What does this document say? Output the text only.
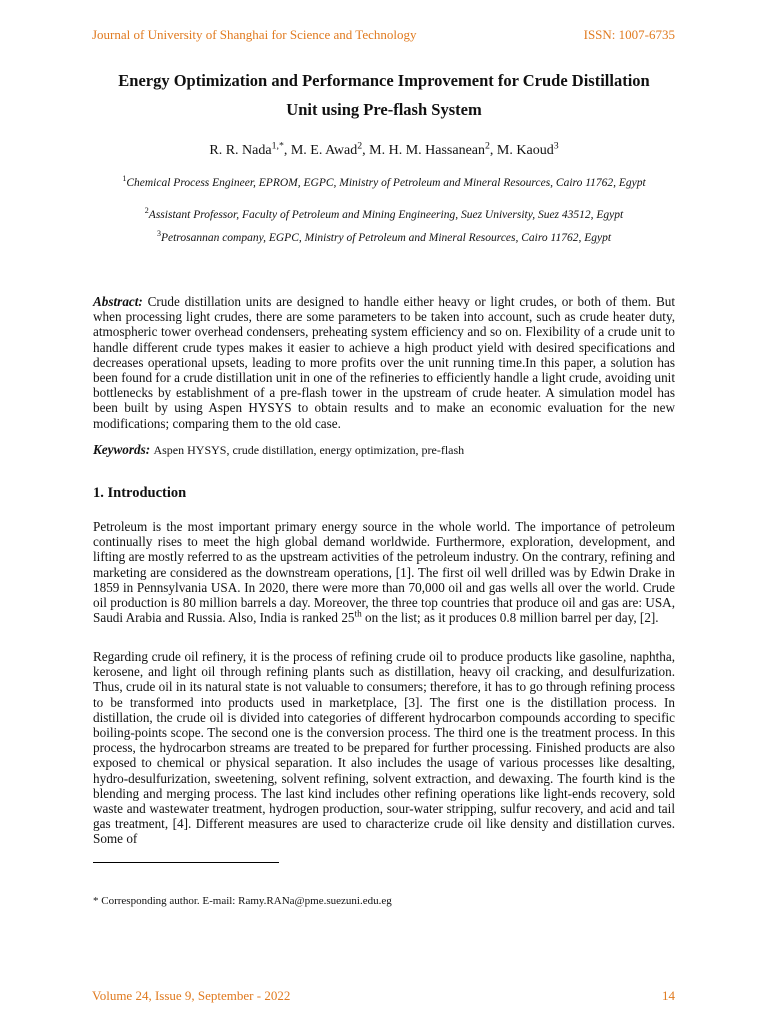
Journal of University of Shanghai for Science and Technology	ISSN: 1007-6735
Energy Optimization and Performance Improvement for Crude Distillation
Unit using Pre-flash System
R. R. Nada$^{1,*}$, M. E. Awad$^2$, M. H. M. Hassanean$^2$, M. Kaoud$^3$
$^1$Chemical Process Engineer, EPROM, EGPC, Ministry of Petroleum and Mineral Resources, Cairo 11762, Egypt
$^2$Assistant Professor, Faculty of Petroleum and Mining Engineering, Suez University, Suez 43512, Egypt
$^3$Petrosannan company, EGPC, Ministry of Petroleum and Mineral Resources, Cairo 11762, Egypt
Abstract: Crude distillation units are designed to handle either heavy or light crudes, or both of them. But when processing light crudes, there are some parameters to be taken into account, such as crude heater duty, atmospheric tower overhead condensers, preheating system efficiency and so on. Flexibility of a crude unit to handle different crude types makes it easier to achieve a high product yield with desired specifications and decreases operational upsets, leading to more profits over the unit running time.In this paper, a solution has been found for a crude distillation unit in one of the refineries to efficiently handle a light crude, avoiding unit bottlenecks by establishment of a pre-flash tower in the upstream of crude heater. A simulation model has been built by using Aspen HYSYS to obtain results and to make an economic evaluation for the new modifications; comparing them to the old case.
Keywords: Aspen HYSYS, crude distillation, energy optimization, pre-flash
1. Introduction
Petroleum is the most important primary energy source in the whole world. The importance of petroleum continually rises to meet the high global demand worldwide. Furthermore, exploration, development, and lifting are mostly referred to as the upstream activities of the petroleum industry. On the contrary, refining and marketing are considered as the downstream operations, [1]. The first oil well drilled was by Edwin Drake in 1859 in Pennsylvania USA. In 2020, there were more than 70,000 oil and gas wells all over the world. Crude oil production is 80 million barrels a day. Moreover, the three top countries that produce oil and gas are: USA, Saudi Arabia and Russia. Also, India is ranked 25th on the list; as it produces 0.8 million barrel per day, [2].
Regarding crude oil refinery, it is the process of refining crude oil to produce products like gasoline, naphtha, kerosene, and light oil through refining plants such as distillation, heavy oil cracking, and desulfurization. Thus, crude oil in its natural state is not valuable to consumers; therefore, it has to go through refining process to be transformed into products used in marketplace, [3]. The first one is the distillation process. In distillation, the crude oil is divided into categories of different hydrocarbon compounds according to specific boiling-points scope. The second one is the conversion process. The third one is the treatment process. In this process, the hydrocarbon streams are treated to be prepared for further processing. Finished products are also exposed to chemical or physical separation. It also includes the usage of various processes like desalting, hydro-desulfurization, sweetening, solvent refining, solvent extraction, and dewaxing. The fourth kind is the blending and merging process. The last kind includes other refining operations like light-ends recovery, sold waste and wastewater treatment, hydrogen production, sour-water stripping, sulfur recovery, and acid and tail gas treatment, [4]. Different measures are used to characterize crude oil like density and distillation curves. Some of
* Corresponding author. E-mail: Ramy.RANa@pme.suezuni.edu.eg
Volume 24, Issue 9, September - 2022	14
